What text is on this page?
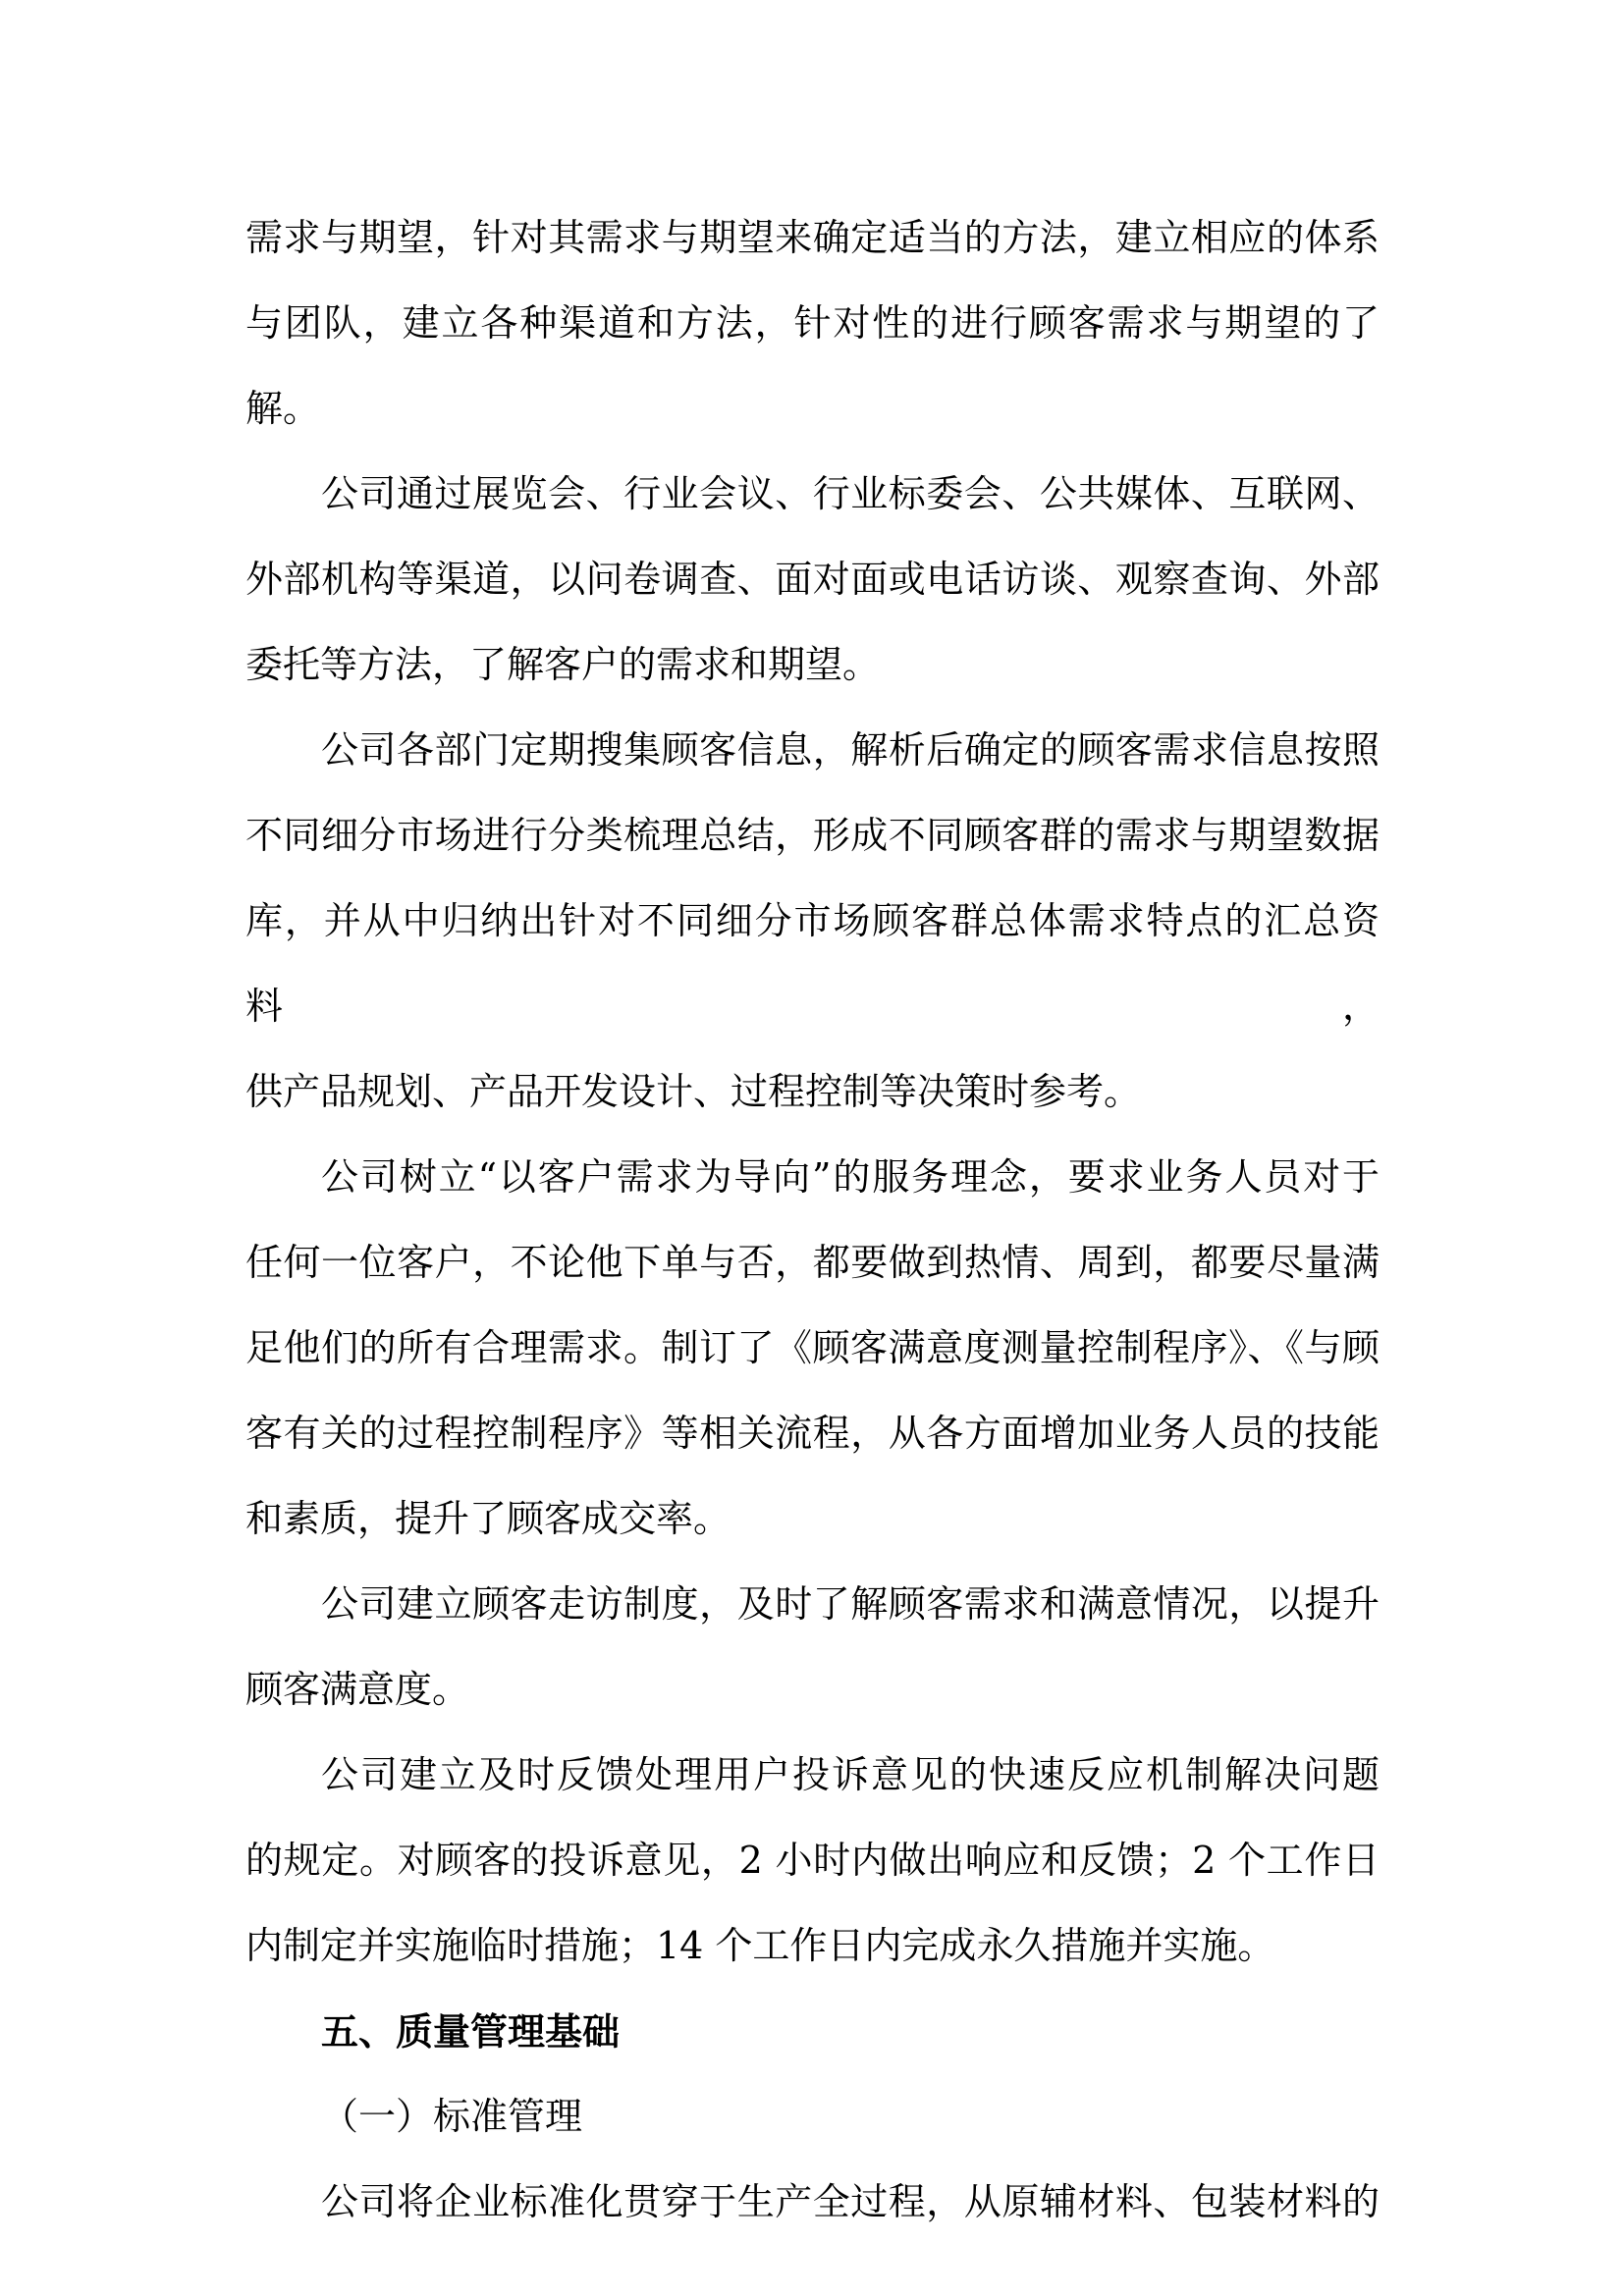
需求与期望，针对其需求与期望来确定适当的方法，建立相应的体系
与团队，建立各种渠道和方法，针对性的进行顾客需求与期望的了解。
公司通过展览会、行业会议、行业标委会、公共媒体、互联网、
外部机构等渠道，以问卷调查、面对面或电话访谈、观察查询、外部
委托等方法，了解客户的需求和期望。
公司各部门定期搜集顾客信息，解析后确定的顾客需求信息按照
不同细分市场进行分类梳理总结，形成不同顾客群的需求与期望数据
库，并从中归纳出针对不同细分市场顾客群总体需求特点的汇总资料，
供产品规划、产品开发设计、过程控制等决策时参考。
公司树立“以客户需求为导向”的服务理念，要求业务人员对于
任何一位客户，不论他下单与否，都要做到热情、周到，都要尽量满
足他们的所有合理需求。制订了《顾客满意度测量控制程序》、《与顾
客有关的过程控制程序》等相关流程，从各方面增加业务人员的技能
和素质，提升了顾客成交率。
公司建立顾客走访制度，及时了解顾客需求和满意情况，以提升
顾客满意度。
公司建立及时反馈处理用户投诉意见的快速反应机制解决问题
的规定。对顾客的投诉意见，2 小时内做出响应和反馈；2 个工作日
内制定并实施临时措施；14 个工作日内完成永久措施并实施。
五、质量管理基础
（一）标准管理
公司将企业标准化贯穿于生产全过程，从原辅材料、包装材料的
